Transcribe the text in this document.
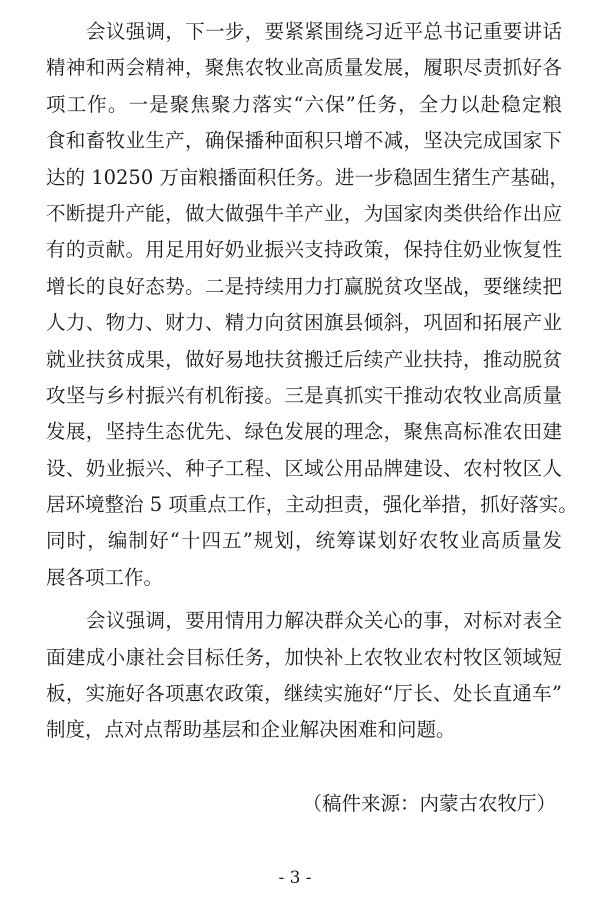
会议强调，下一步，要紧紧围绕习近平总书记重要讲话
精神和两会精神，聚焦农牧业高质量发展，履职尽责抓好各
项工作。一是聚焦聚力落实“六保”任务，全力以赴稳定粮
食和畜牧业生产，确保播种面积只增不减，坚决完成国家下
达的 10250 万亩粮播面积任务。进一步稳固生猪生产基础，
不断提升产能，做大做强牛羊产业，为国家肉类供给作出应
有的贡献。用足用好奶业振兴支持政策，保持住奶业恢复性
增长的良好态势。二是持续用力打赢脱贫攻坚战，要继续把
人力、物力、财力、精力向贫困旗县倾斜，巩固和拓展产业
就业扶贫成果，做好易地扶贫搬迁后续产业扶持，推动脱贫
攻坚与乡村振兴有机衔接。三是真抓实干推动农牧业高质量
发展，坚持生态优先、绿色发展的理念，聚焦高标准农田建
设、奶业振兴、种子工程、区域公用品牌建设、农村牧区人
居环境整治 5 项重点工作，主动担责，强化举措，抓好落实。
同时，编制好“十四五”规划，统筹谋划好农牧业高质量发
展各项工作。
会议强调，要用情用力解决群众关心的事，对标对表全
面建成小康社会目标任务，加快补上农牧业农村牧区领域短
板，实施好各项惠农政策，继续实施好“厅长、处长直通车”
制度，点对点帮助基层和企业解决困难和问题。
（稿件来源：内蒙古农牧厅）
- 3 -
